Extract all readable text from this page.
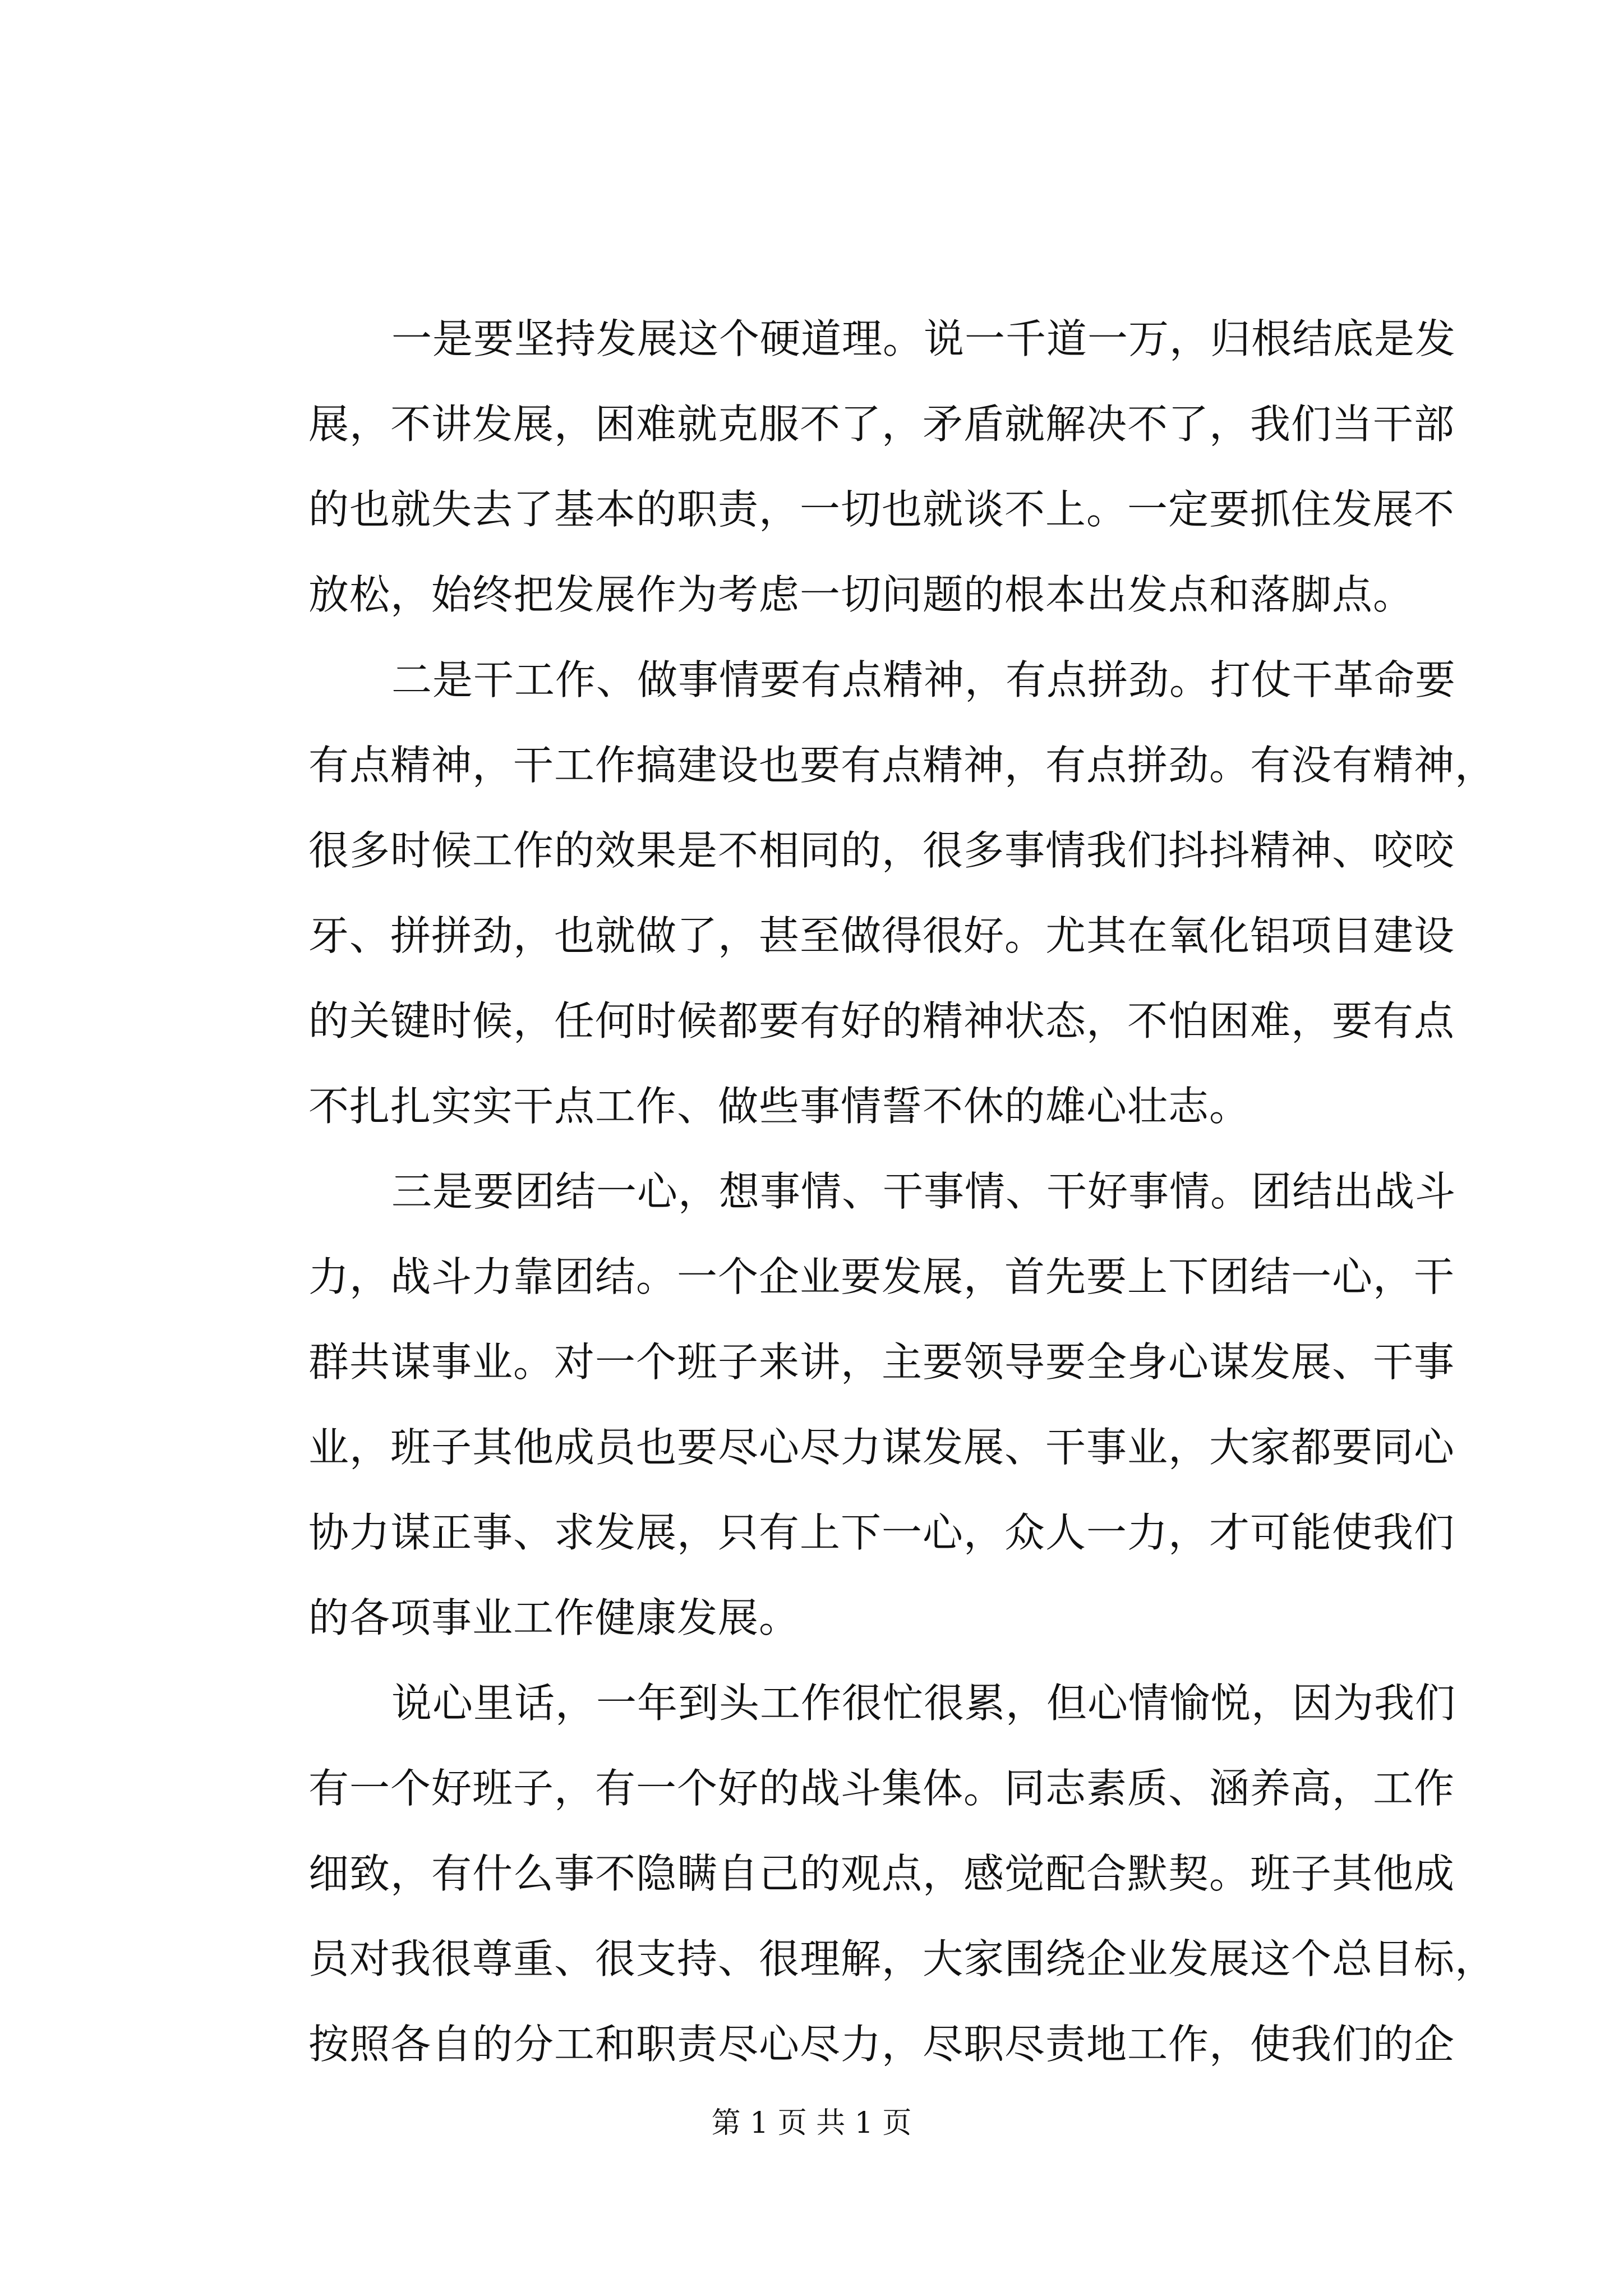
一是要坚持发展这个硬道理。说一千道一万，归根结底是发
展，不讲发展，困难就克服不了，矛盾就解决不了，我们当干部
的也就失去了基本的职责，一切也就谈不上。一定要抓住发展不
放松，始终把发展作为考虑一切问题的根本出发点和落脚点。
二是干工作、做事情要有点精神，有点拼劲。打仗干革命要
有点精神，干工作搞建设也要有点精神，有点拼劲。有没有精神，
很多时候工作的效果是不相同的，很多事情我们抖抖精神、咬咬
牙、拼拼劲，也就做了，甚至做得很好。尤其在氧化铝项目建设
的关键时候，任何时候都要有好的精神状态，不怕困难，要有点
不扎扎实实干点工作、做些事情誓不休的雄心壮志。
三是要团结一心，想事情、干事情、干好事情。团结出战斗
力，战斗力靠团结。一个企业要发展，首先要上下团结一心，干
群共谋事业。对一个班子来讲，主要领导要全身心谋发展、干事
业，班子其他成员也要尽心尽力谋发展、干事业，大家都要同心
协力谋正事、求发展，只有上下一心，众人一力，才可能使我们
的各项事业工作健康发展。
说心里话，一年到头工作很忙很累，但心情愉悦，因为我们
有一个好班子，有一个好的战斗集体。同志素质、涵养高，工作
细致，有什么事不隐瞒自己的观点，感觉配合默契。班子其他成
员对我很尊重、很支持、很理解，大家围绕企业发展这个总目标，
按照各自的分工和职责尽心尽力，尽职尽责地工作，使我们的企
第 1 页 共 1 页
